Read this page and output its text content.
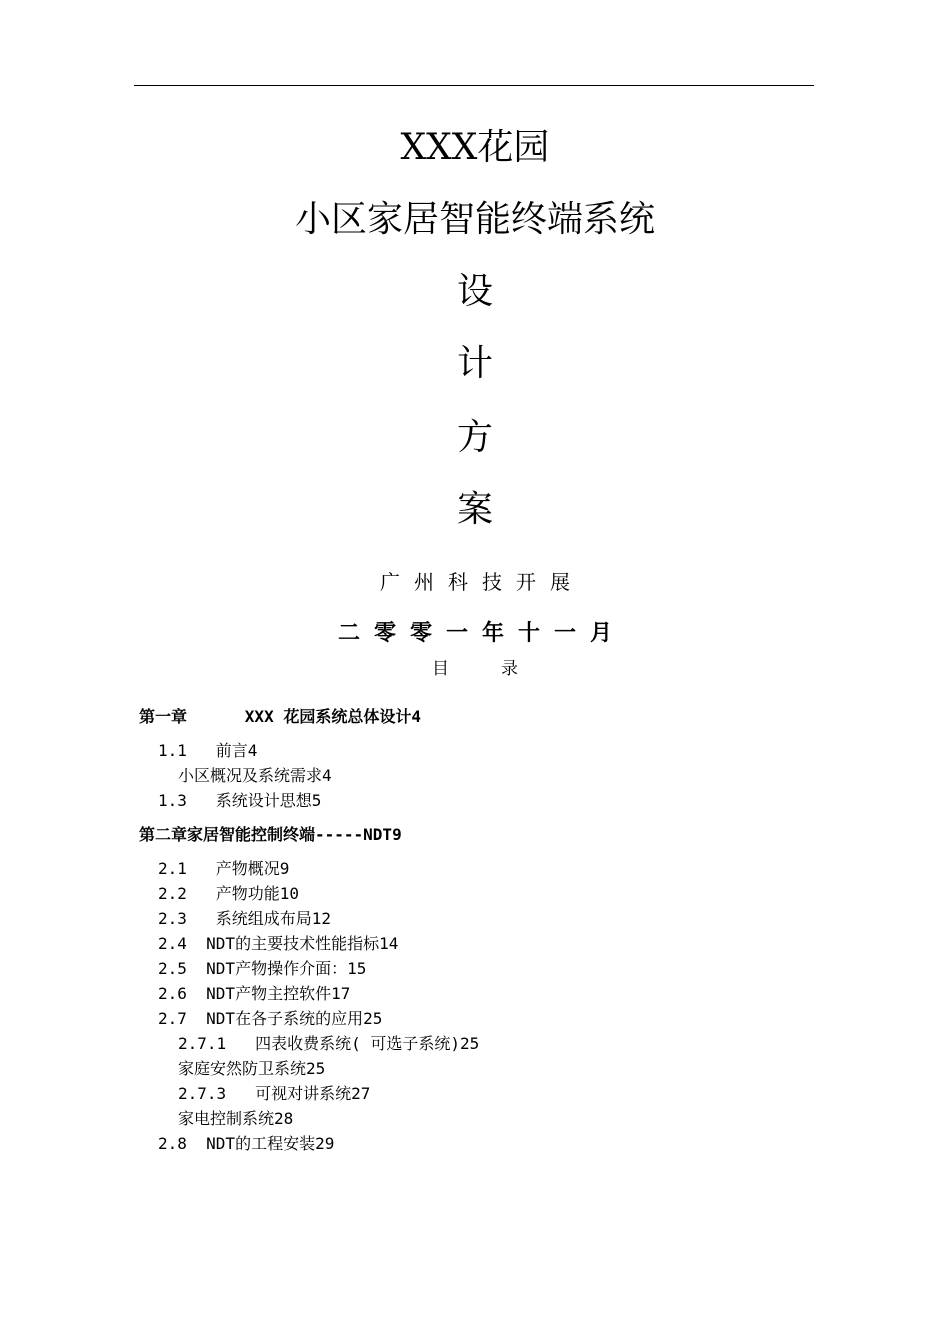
XXX花园
小区家居智能终端系统
设
计
方
案
广州科技开展
二零零一年十一月
目录
第一章      XXX 花园系统总体设计4
1.1   前言4
小区概况及系统需求4
1.3   系统设计思想5
第二章家居智能控制终端-----NDT9
2.1   产物概况9
2.2   产物功能10
2.3   系统组成布局12
2.4  NDT的主要技术性能指标14
2.5  NDT产物操作介面：15
2.6  NDT产物主控软件17
2.7  NDT在各子系统的应用25
2.7.1   四表收费系统( 可选子系统)25
家庭安然防卫系统25
2.7.3   可视对讲系统27
家电控制系统28
2.8  NDT的工程安装29
